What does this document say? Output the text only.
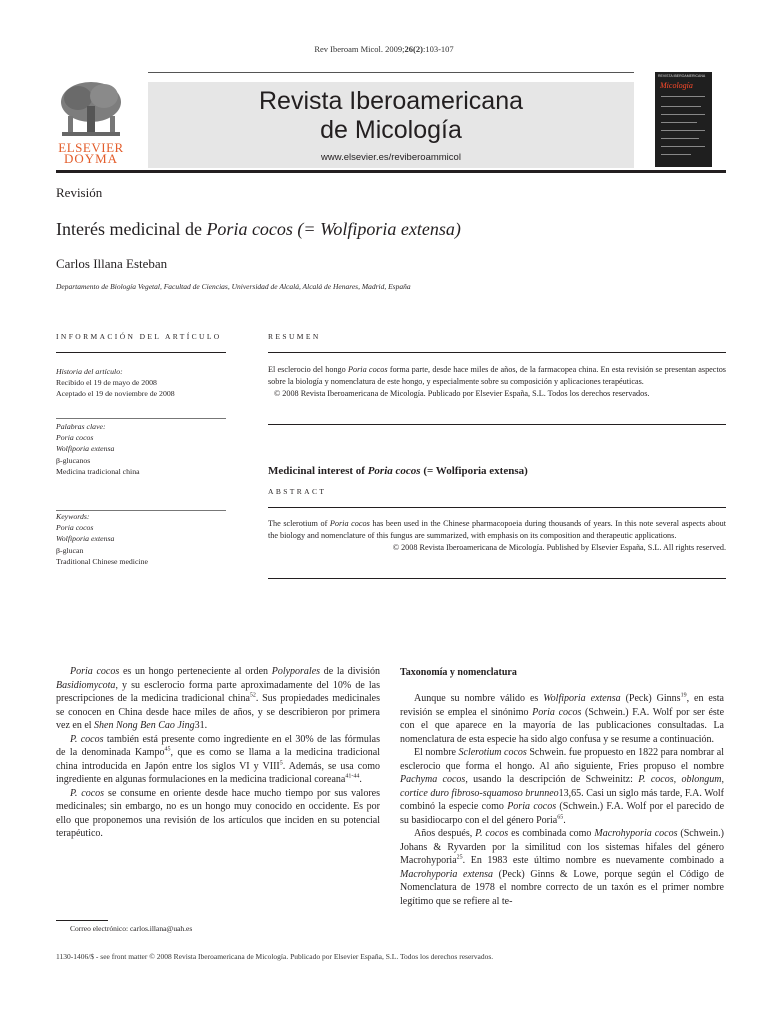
Rev Iberoam Micol. 2009;26(2):103-107
ELSEVIER
DOYMA
Revista Iberoamericana
de Micología
www.elsevier.es/reviberoammicol
REVISTA IBEROAMERICANA
Micología
Revisión
Interés medicinal de Poria cocos (= Wolfiporia extensa)
Carlos Illana Esteban
Departamento de Biología Vegetal, Facultad de Ciencias, Universidad de Alcalá, Alcalá de Henares, Madrid, España
INFORMACIÓN DEL ARTÍCULO	RESUMEN
Historia del artículo:
Recibido el 19 de mayo de 2008
Aceptado el 19 de noviembre de 2008
Palabras clave:
Poria cocos
Wolfiporia extensa
β-glucanos
Medicina tradicional china
Keywords:
Poria cocos
Wolfiporia extensa
β-glucan
Traditional Chinese medicine
El esclerocio del hongo Poria cocos forma parte, desde hace miles de años, de la farmacopea china. En esta revisión se presentan aspectos sobre la biología y nomenclatura de este hongo, y especialmente sobre su composición y aplicaciones terapéuticas.
© 2008 Revista Iberoamericana de Micología. Publicado por Elsevier España, S.L. Todos los derechos reservados.
Medicinal interest of Poria cocos (= Wolfiporia extensa)
ABSTRACT
The sclerotium of Poria cocos has been used in the Chinese pharmacopoeia during thousands of years. In this note several aspects about the biology and nomenclature of this fungus are summarized, with emphasis on its composition and therapeutic applications.
© 2008 Revista Iberoamericana de Micología. Published by Elsevier España, S.L. All rights reserved.

Poria cocos es un hongo perteneciente al orden Polyporales de la división Basidiomycota, y su esclerocio forma parte aproximadamente del 10% de las prescripciones de la medicina tradicional china$^{52}$. Sus propiedades medicinales se conocen en China desde hace miles de años, y se describieron por primera vez en el Shen Nong Ben Cao Jing31.

P. cocos también está presente como ingrediente en el 30% de las fórmulas de la denominada Kampo$^{45}$, que es como se llama a la medicina tradicional china introducida en Japón entre los siglos VI y VIII$^5$. Además, se usa como ingrediente en algunas formulaciones en la medicina tradicional coreana$^{41-44}$.

P. cocos se consume en oriente desde hace mucho tiempo por sus valores medicinales; sin embargo, no es un hongo muy conocido en occidente. Es por ello que proponemos una revisión de los artículos que inciden en su potencial terapéutico.

Taxonomía y nomenclatura

Aunque su nombre válido es Wolfiporia extensa (Peck) Ginns$^{19}$, en esta revisión se emplea el sinónimo Poria cocos (Schwein.) F.A. Wolf por ser éste con el que aparece en la mayoría de las publicaciones consultadas. La nomenclatura de esta especie ha sido algo confusa y se resume a continuación.

El nombre Sclerotium cocos Schwein. fue propuesto en 1822 para nombrar al esclerocio que forma el hongo. Al año siguiente, Fries propuso el nombre Pachyma cocos, usando la descripción de Schweinitz: P. cocos, oblongum, cortice duro fibroso-squamoso brunneo13,65. Casi un siglo más tarde, F.A. Wolf combinó la especie como Poria cocos (Schwein.) F.A. Wolf por el parecido de su basidiocarpo con el del género Poria$^{65}$.

Años después, P. cocos es combinada como Macrohyporia cocos (Schwein.) Johans & Ryvarden por la similitud con los sistemas hifales del género Macrohyporia$^{25}$. En 1983 este último nombre es nuevamente combinado a Macrohyporia extensa (Peck) Ginns & Lowe, porque según el Código de Nomenclatura de 1978 el nombre correcto de un taxón es el primer nombre legítimo que se refiere al te-

Correo electrónico: carlos.illana@uah.es
1130-1406/$ - see front matter © 2008 Revista Iberoamericana de Micología. Publicado por Elsevier España, S.L. Todos los derechos reservados.
